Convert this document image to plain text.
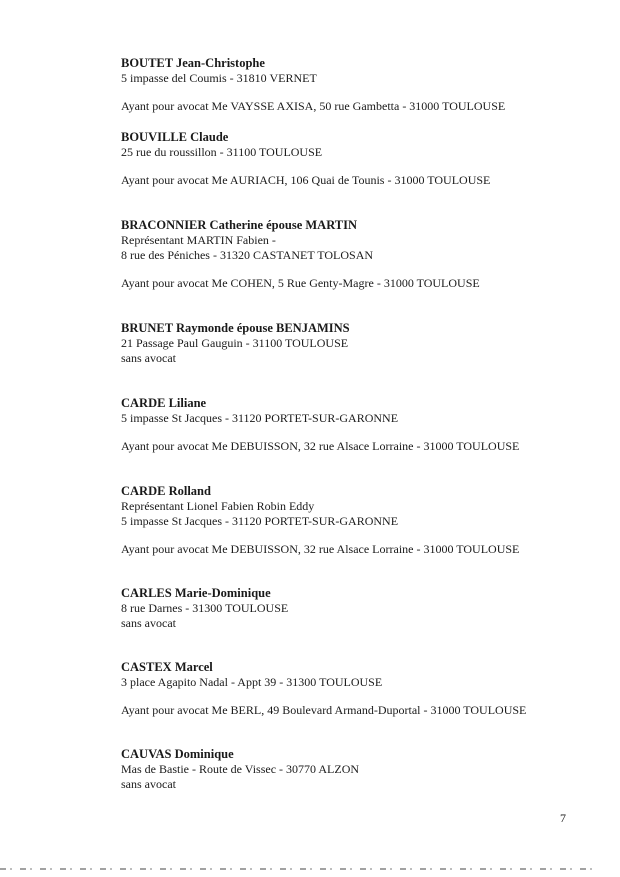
BOUTET Jean-Christophe
5 impasse del Coumis - 31810 VERNET
Ayant pour avocat Me VAYSSE AXISA, 50 rue Gambetta - 31000 TOULOUSE
BOUVILLE Claude
25 rue du roussillon - 31100 TOULOUSE
Ayant pour avocat Me AURIACH, 106 Quai de Tounis - 31000 TOULOUSE
BRACONNIER Catherine épouse MARTIN
Représentant MARTIN Fabien -
8 rue des Péniches - 31320 CASTANET TOLOSAN
Ayant pour avocat Me COHEN, 5 Rue Genty-Magre - 31000 TOULOUSE
BRUNET Raymonde épouse BENJAMINS
21 Passage Paul Gauguin - 31100 TOULOUSE
sans avocat
CARDE Liliane
5 impasse St Jacques - 31120 PORTET-SUR-GARONNE
Ayant pour avocat Me DEBUISSON, 32 rue Alsace Lorraine - 31000 TOULOUSE
CARDE Rolland
Représentant Lionel Fabien Robin Eddy
5 impasse St Jacques - 31120 PORTET-SUR-GARONNE
Ayant pour avocat Me DEBUISSON, 32 rue Alsace Lorraine - 31000 TOULOUSE
CARLES Marie-Dominique
8 rue Darnes - 31300 TOULOUSE
sans avocat
CASTEX Marcel
3 place Agapito Nadal - Appt 39 - 31300 TOULOUSE
Ayant pour avocat Me BERL, 49 Boulevard Armand-Duportal - 31000 TOULOUSE
CAUVAS Dominique
Mas de Bastie - Route de Vissec - 30770 ALZON
sans avocat
7
